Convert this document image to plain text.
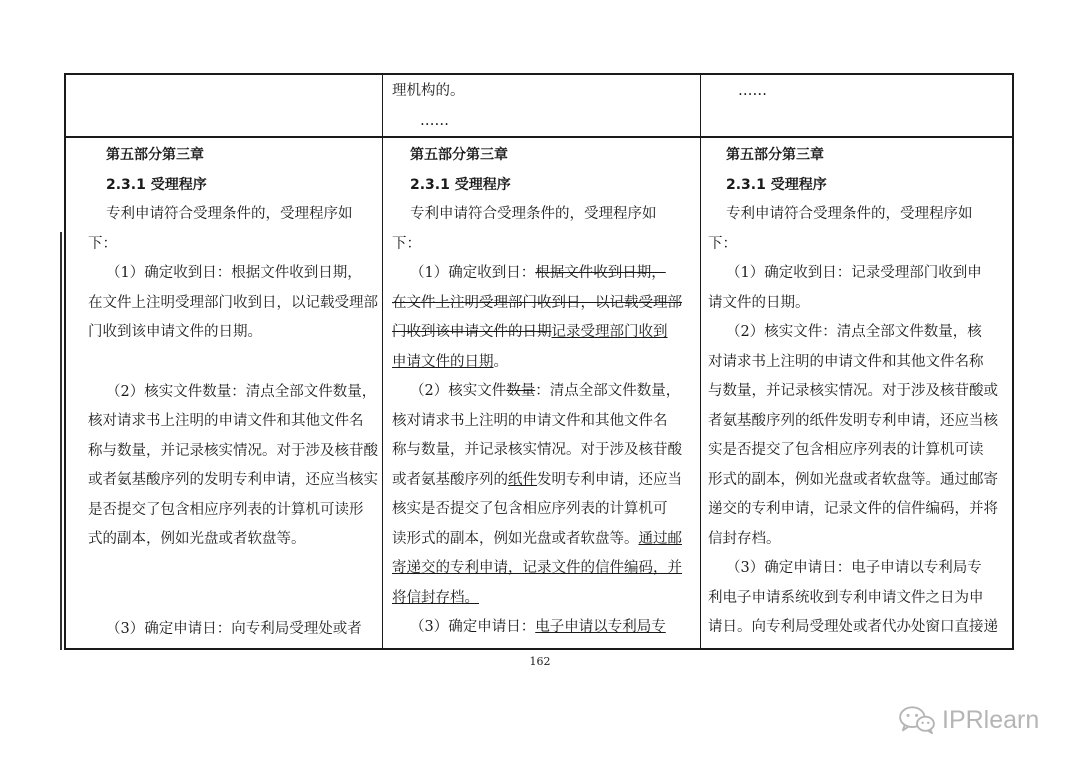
理机构的。
……
……
第五部分第三章
2.3.1 受理程序
专利申请符合受理条件的，受理程序如
下：
（1）确定收到日：根据文件收到日期，
在文件上注明受理部门收到日，以记载受理部
门收到该申请文件的日期。
（2）核实文件数量：清点全部文件数量，
核对请求书上注明的申请文件和其他文件名
称与数量，并记录核实情况。对于涉及核苷酸
或者氨基酸序列的发明专利申请，还应当核实
是否提交了包含相应序列表的计算机可读形
式的副本，例如光盘或者软盘等。
（3）确定申请日：向专利局受理处或者
第五部分第三章
2.3.1 受理程序
专利申请符合受理条件的，受理程序如
下：
（1）确定收到日：根据文件收到日期，
在文件上注明受理部门收到日，以记载受理部
门收到该申请文件的日期记录受理部门收到
申请文件的日期。
（2）核实文件数量：清点全部文件数量，
核对请求书上注明的申请文件和其他文件名
称与数量，并记录核实情况。对于涉及核苷酸
或者氨基酸序列的纸件发明专利申请，还应当
核实是否提交了包含相应序列表的计算机可
读形式的副本，例如光盘或者软盘等。通过邮
寄递交的专利申请，记录文件的信件编码，并
将信封存档。
（3）确定申请日：电子申请以专利局专
第五部分第三章
2.3.1 受理程序
专利申请符合受理条件的，受理程序如
下：
（1）确定收到日：记录受理部门收到申
请文件的日期。
（2）核实文件：清点全部文件数量，核
对请求书上注明的申请文件和其他文件名称
与数量，并记录核实情况。对于涉及核苷酸或
者氨基酸序列的纸件发明专利申请，还应当核
实是否提交了包含相应序列表的计算机可读
形式的副本，例如光盘或者软盘等。通过邮寄
递交的专利申请，记录文件的信件编码，并将
信封存档。
（3）确定申请日：电子申请以专利局专
利电子申请系统收到专利申请文件之日为申
请日。向专利局受理处或者代办处窗口直接递
162
IPRlearn
